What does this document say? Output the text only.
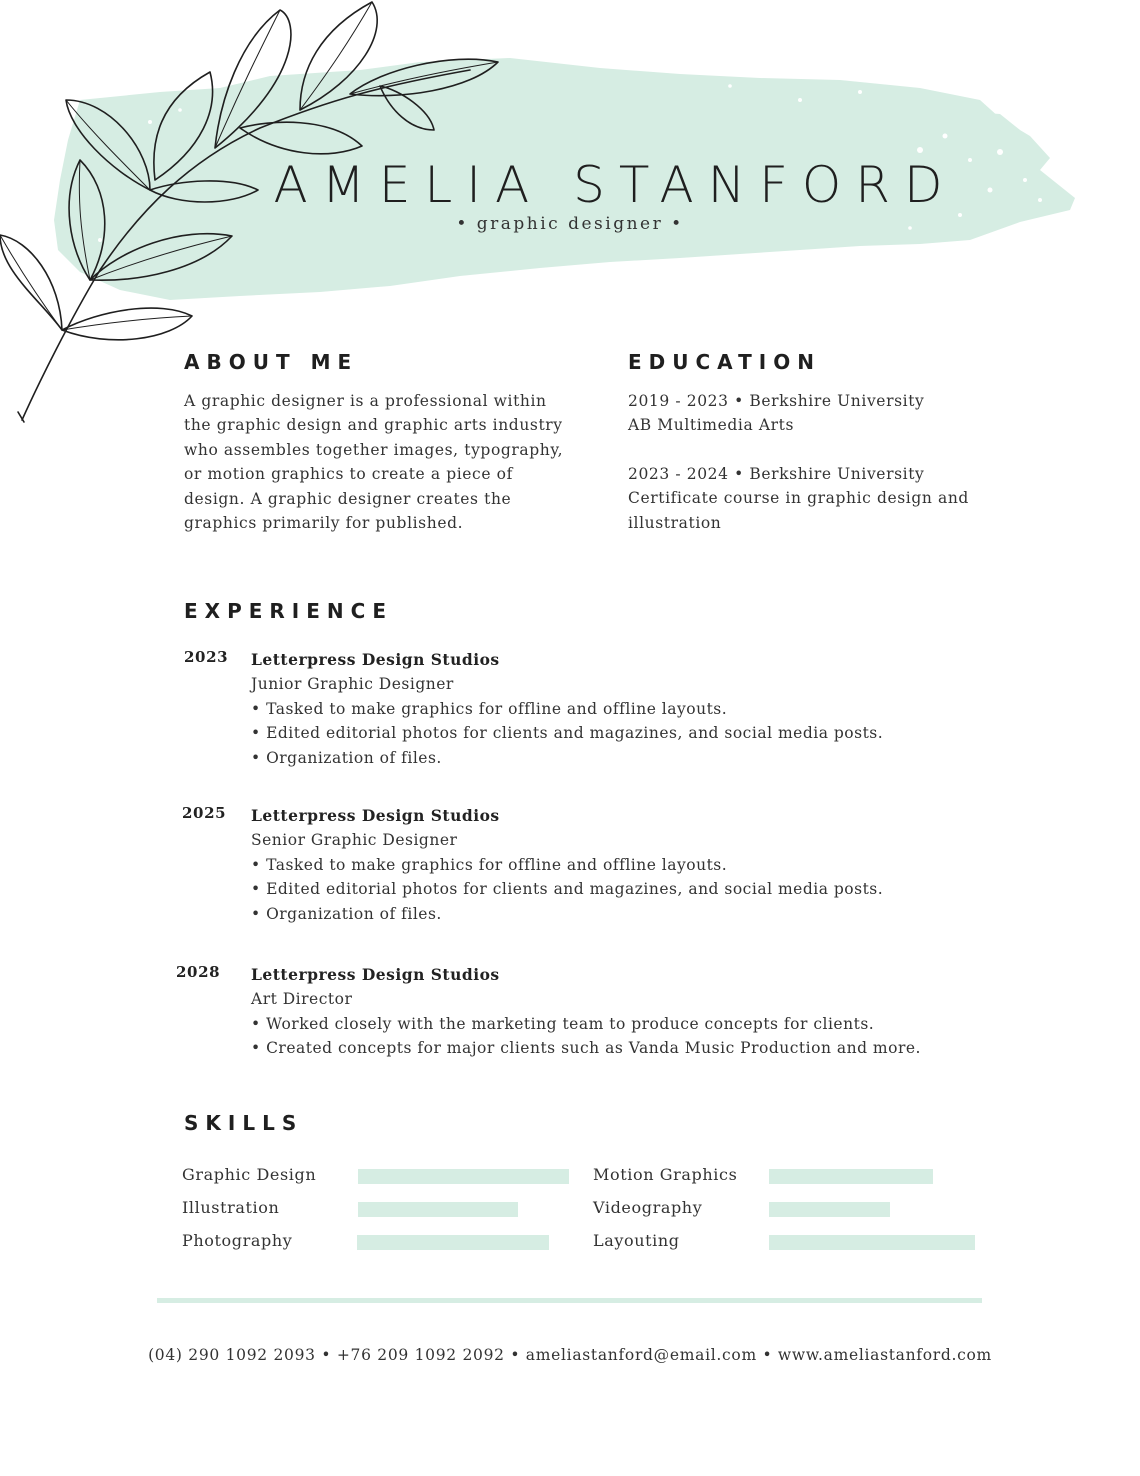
AMELIA STANFORD
• graphic designer •
ABOUT ME
A graphic designer is a professional within
the graphic design and graphic arts industry
who assembles together images, typography,
or motion graphics to create a piece of
design. A graphic designer creates the
graphics primarily for published.
EDUCATION
2019 - 2023 • Berkshire University
AB Multimedia Arts
2023 - 2024 • Berkshire University
Certificate course in graphic design and
illustration
EXPERIENCE
2023 Letterpress Design Studios
Junior Graphic Designer
• Tasked to make graphics for offline and offline layouts.
• Edited editorial photos for clients and magazines, and social media posts.
• Organization of files.
2025 Letterpress Design Studios
Senior Graphic Designer
• Tasked to make graphics for offline and offline layouts.
• Edited editorial photos for clients and magazines, and social media posts.
• Organization of files.
2028 Letterpress Design Studios
Art Director
• Worked closely with the marketing team to produce concepts for clients.
• Created concepts for major clients such as Vanda Music Production and more.
SKILLS
Graphic Design
Illustration
Photography
Motion Graphics
Videography
Layouting
(04) 290 1092 2093 • +76 209 1092 2092 • ameliastanford@email.com • www.ameliastanford.com
